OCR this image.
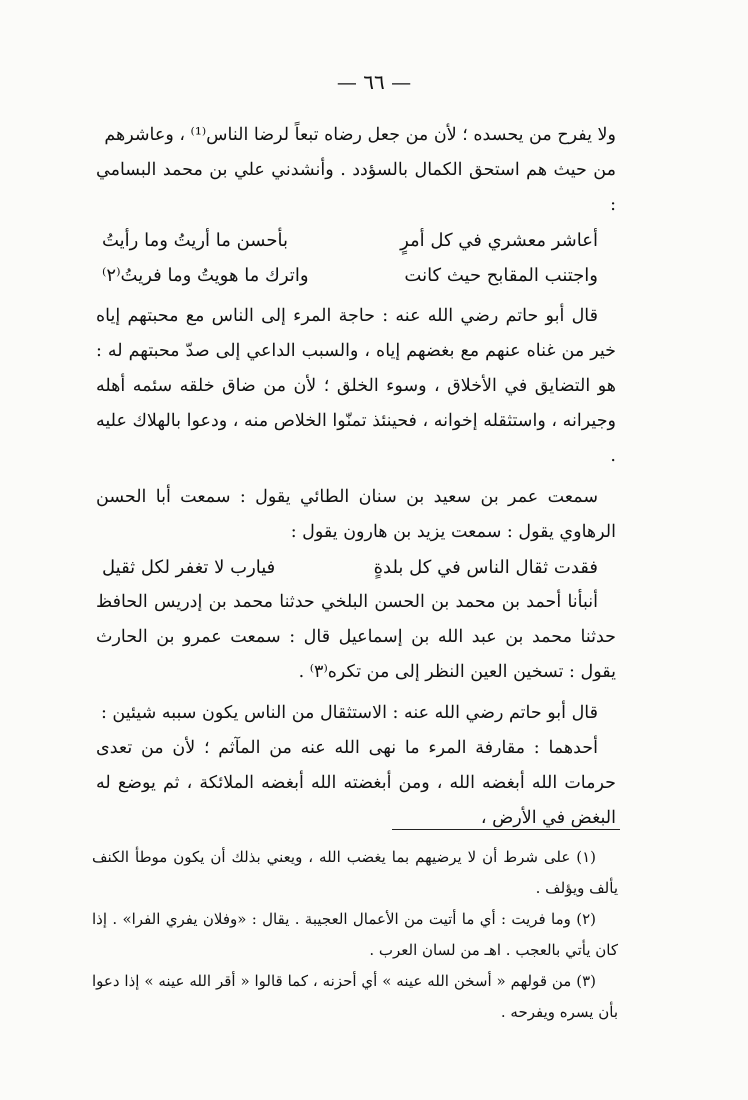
— ٦٦ —

ولا يفرح من يحسده ؛ لأن من جعل رضاه تبعاً لرضا الناس⁽¹⁾ ، وعاشرهم

من حيث هم استحق الكمال بالسؤدد . وأنشدني علي بن محمد البسامي :

أعاشر معشري في كل أمرٍ
بأحسن ما أريتُ وما رأيتُ
واجتنب المقابح حيث كانت
واترك ما هويتُ وما فريتُ⁽٢⁾

قال أبو حاتم رضي الله عنه : حاجة المرء إلى الناس مع محبتهم إياه خير من غناه عنهم مع بغضهم إياه ، والسبب الداعي إلى صدّ محبتهم له : هو التضايق في الأخلاق ، وسوء الخلق ؛ لأن من ضاق خلقه سئمه أهله وجيرانه ، واستثقله إخوانه ، فحينئذ تمنّوا الخلاص منه ، ودعوا بالهلاك عليه .

سمعت عمر بن سعيد بن سنان الطائي يقول : سمعت أبا الحسن الرهاوي يقول : سمعت يزيد بن هارون يقول :

فقدت ثقال الناس في كل بلدةٍ
فيارب لا تغفر لكل ثقيل

أنبأنا أحمد بن محمد بن الحسن البلخي حدثنا محمد بن إدريس الحافظ حدثنا محمد بن عبد الله بن إسماعيل قال : سمعت عمرو بن الحارث يقول : تسخين العين النظر إلى من تكره⁽٣⁾ .

قال أبو حاتم رضي الله عنه : الاستثقال من الناس يكون سببه شيئين :

أحدهما : مقارفة المرء ما نهى الله عنه من المآثم ؛ لأن من تعدى حرمات الله أبغضه الله ، ومن أبغضته الله أبغضه الملائكة ، ثم يوضع له البغض في الأرض ،

(١) على شرط أن لا يرضيهم بما يغضب الله ، ويعني بذلك أن يكون موطأ الكنف يألف ويؤلف .

(٢) وما فريت : أي ما أتيت من الأعمال العجيبة . يقال : «وفلان يفري الفرا» . إذا كان يأتي بالعجب . اهـ من لسان العرب .

(٣) من قولهم « أسخن الله عينه » أي أحزنه ، كما قالوا « أقر الله عينه » إذا دعوا بأن يسره ويفرحه .
